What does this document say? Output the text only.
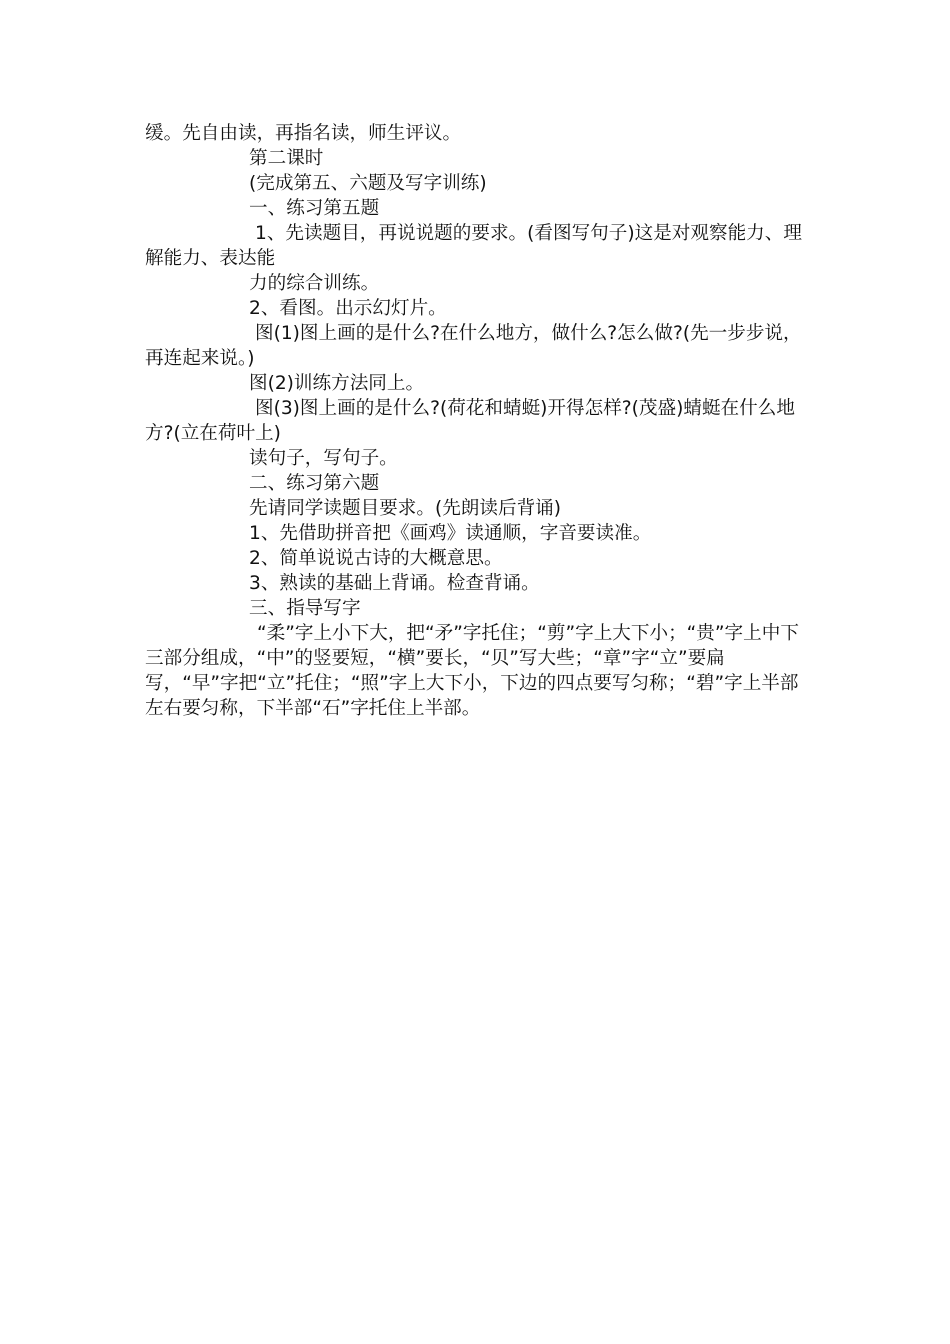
缓。先自由读，再指名读，师生评议。

第二课时

(完成第五、六题及写字训练)

一、练习第五题

1、先读题目，再说说题的要求。(看图写句子)这是对观察能力、理解能力、表达能

力的综合训练。

2、看图。出示幻灯片。

图(1)图上画的是什么?在什么地方，做什么?怎么做?(先一步步说，再连起来说。)

图(2)训练方法同上。

图(3)图上画的是什么?(荷花和蜻蜓)开得怎样?(茂盛)蜻蜓在什么地方?(立在荷叶上)

读句子，写句子。

二、练习第六题

先请同学读题目要求。(先朗读后背诵)

1、先借助拼音把《画鸡》读通顺，字音要读准。

2、简单说说古诗的大概意思。

3、熟读的基础上背诵。检查背诵。

三、指导写字

“柔”字上小下大，把“矛”字托住；“剪”字上大下小；“贵”字上中下三部分组成，“中”的竖要短，“横”要长，“贝”写大些；“章”字“立”要扁写，“早”字把“立”托住；“照”字上大下小，下边的四点要写匀称；“碧”字上半部左右要匀称，下半部“石”字托住上半部。
